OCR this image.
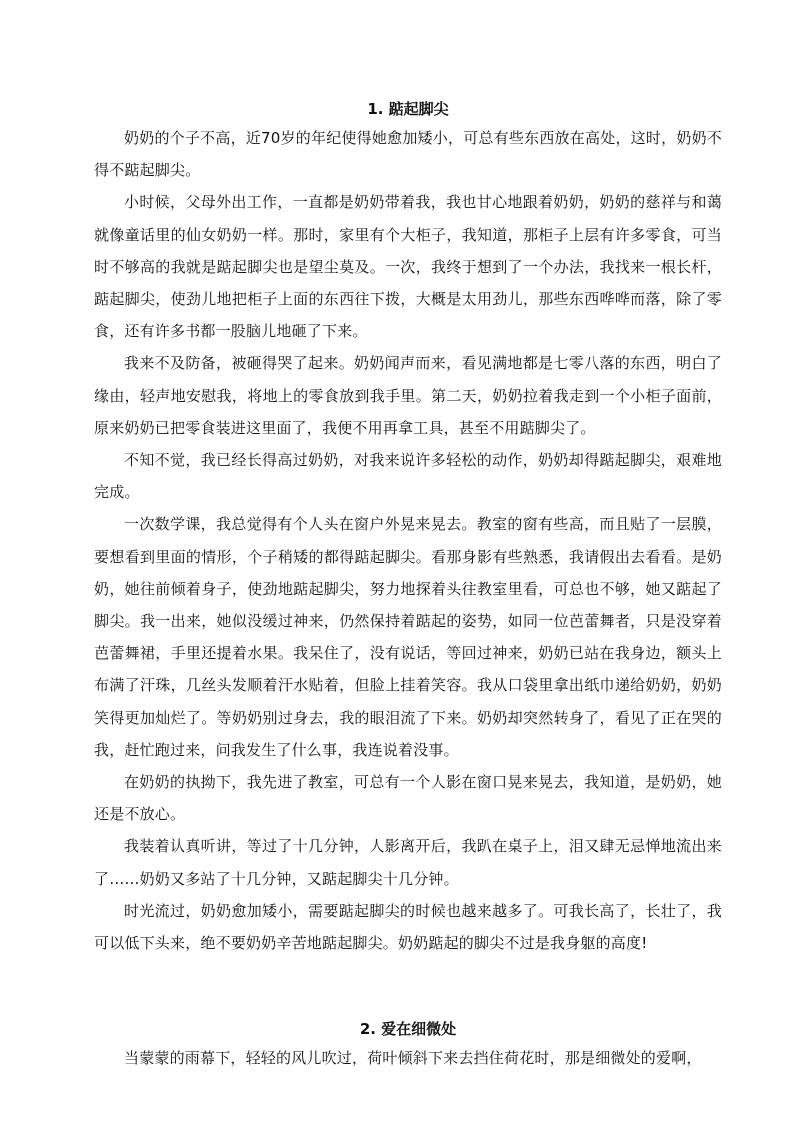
1. 踮起脚尖

奶奶的个子不高，近70岁的年纪使得她愈加矮小，可总有些东西放在高处，这时，奶奶不得不踮起脚尖。

小时候，父母外出工作，一直都是奶奶带着我，我也甘心地跟着奶奶，奶奶的慈祥与和蔼就像童话里的仙女奶奶一样。那时，家里有个大柜子，我知道，那柜子上层有许多零食，可当时不够高的我就是踮起脚尖也是望尘莫及。一次，我终于想到了一个办法，我找来一根长杆，踮起脚尖，使劲儿地把柜子上面的东西往下拨，大概是太用劲儿，那些东西哗哗而落，除了零食，还有许多书都一股脑儿地砸了下来。

我来不及防备，被砸得哭了起来。奶奶闻声而来，看见满地都是七零八落的东西，明白了缘由，轻声地安慰我，将地上的零食放到我手里。第二天，奶奶拉着我走到一个小柜子面前，原来奶奶已把零食装进这里面了，我便不用再拿工具，甚至不用踮脚尖了。

不知不觉，我已经长得高过奶奶，对我来说许多轻松的动作，奶奶却得踮起脚尖，艰难地完成。

一次数学课，我总觉得有个人头在窗户外晃来晃去。教室的窗有些高，而且贴了一层膜，要想看到里面的情形，个子稍矮的都得踮起脚尖。看那身影有些熟悉，我请假出去看看。是奶奶，她往前倾着身子，使劲地踮起脚尖，努力地探着头往教室里看，可总也不够，她又踮起了脚尖。我一出来，她似没缓过神来，仍然保持着踮起的姿势，如同一位芭蕾舞者，只是没穿着芭蕾舞裙，手里还提着水果。我呆住了，没有说话，等回过神来，奶奶已站在我身边，额头上布满了汗珠，几丝头发顺着汗水贴着，但脸上挂着笑容。我从口袋里拿出纸巾递给奶奶，奶奶笑得更加灿烂了。等奶奶别过身去，我的眼泪流了下来。奶奶却突然转身了，看见了正在哭的我，赶忙跑过来，问我发生了什么事，我连说着没事。

在奶奶的执拗下，我先进了教室，可总有一个人影在窗口晃来晃去，我知道，是奶奶，她还是不放心。

我装着认真听讲，等过了十几分钟，人影离开后，我趴在桌子上，泪又肆无忌惮地流出来了……奶奶又多站了十几分钟，又踮起脚尖十几分钟。

时光流过，奶奶愈加矮小，需要踮起脚尖的时候也越来越多了。可我长高了，长壮了，我可以低下头来，绝不要奶奶辛苦地踮起脚尖。奶奶踮起的脚尖不过是我身躯的高度!

2. 爱在细微处

当蒙蒙的雨幕下，轻轻的风儿吹过，荷叶倾斜下来去挡住荷花时，那是细微处的爱啊，
